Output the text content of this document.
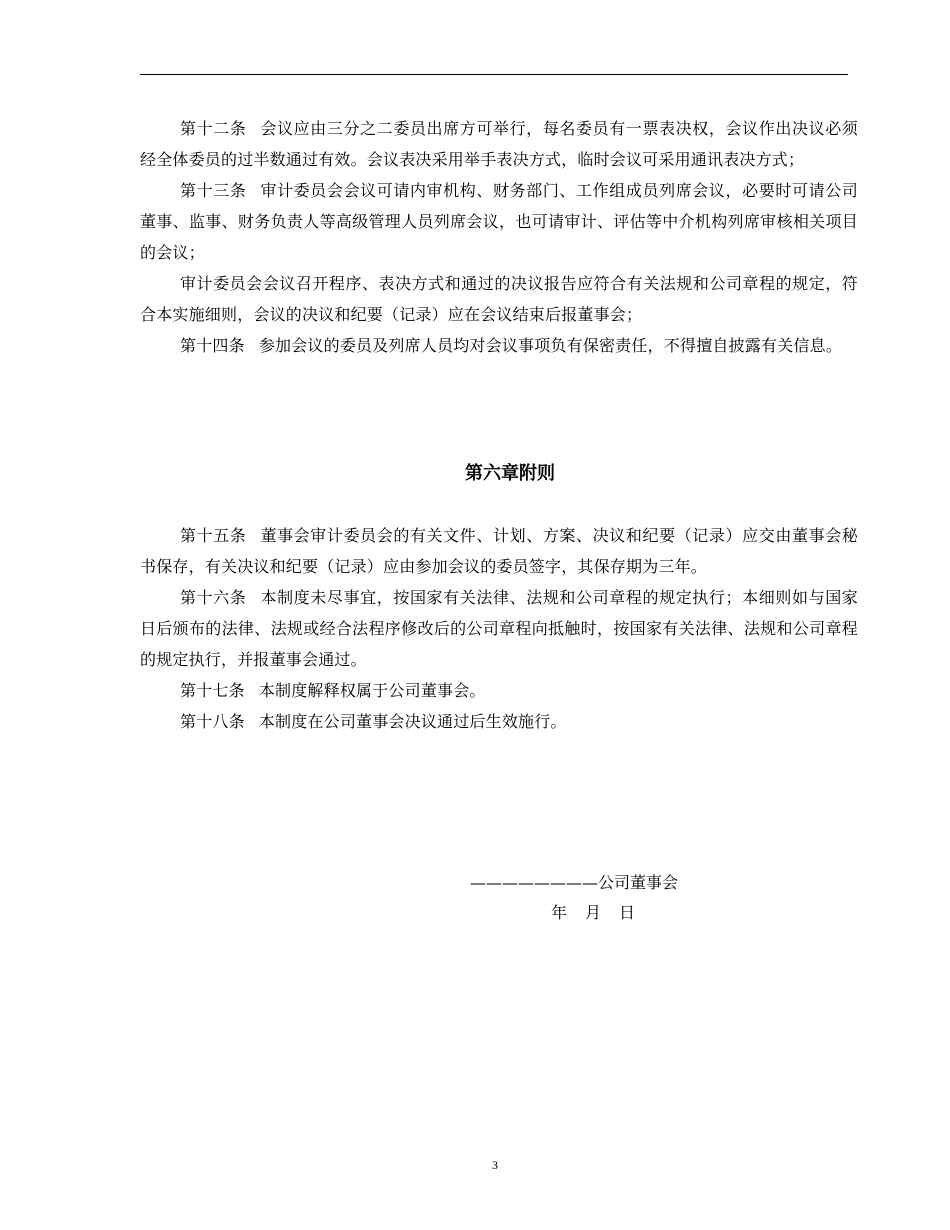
第十二条 会议应由三分之二委员出席方可举行，每名委员有一票表决权，会议作出决议必须经全体委员的过半数通过有效。会议表决采用举手表决方式，临时会议可采用通讯表决方式；

第十三条 审计委员会会议可请内审机构、财务部门、工作组成员列席会议，必要时可请公司董事、监事、财务负责人等高级管理人员列席会议，也可请审计、评估等中介机构列席审核相关项目的会议；

审计委员会会议召开程序、表决方式和通过的决议报告应符合有关法规和公司章程的规定，符合本实施细则，会议的决议和纪要（记录）应在会议结束后报董事会；

第十四条 参加会议的委员及列席人员均对会议事项负有保密责任，不得擅自披露有关信息。

第六章附则

第十五条 董事会审计委员会的有关文件、计划、方案、决议和纪要（记录）应交由董事会秘书保存，有关决议和纪要（记录）应由参加会议的委员签字，其保存期为三年。

第十六条 本制度未尽事宜，按国家有关法律、法规和公司章程的规定执行；本细则如与国家日后颁布的法律、法规或经合法程序修改后的公司章程向抵触时，按国家有关法律、法规和公司章程的规定执行，并报董事会通过。

第十七条 本制度解释权属于公司董事会。

第十八条 本制度在公司董事会决议通过后生效施行。

————————公司董事会
年 月 日
3
